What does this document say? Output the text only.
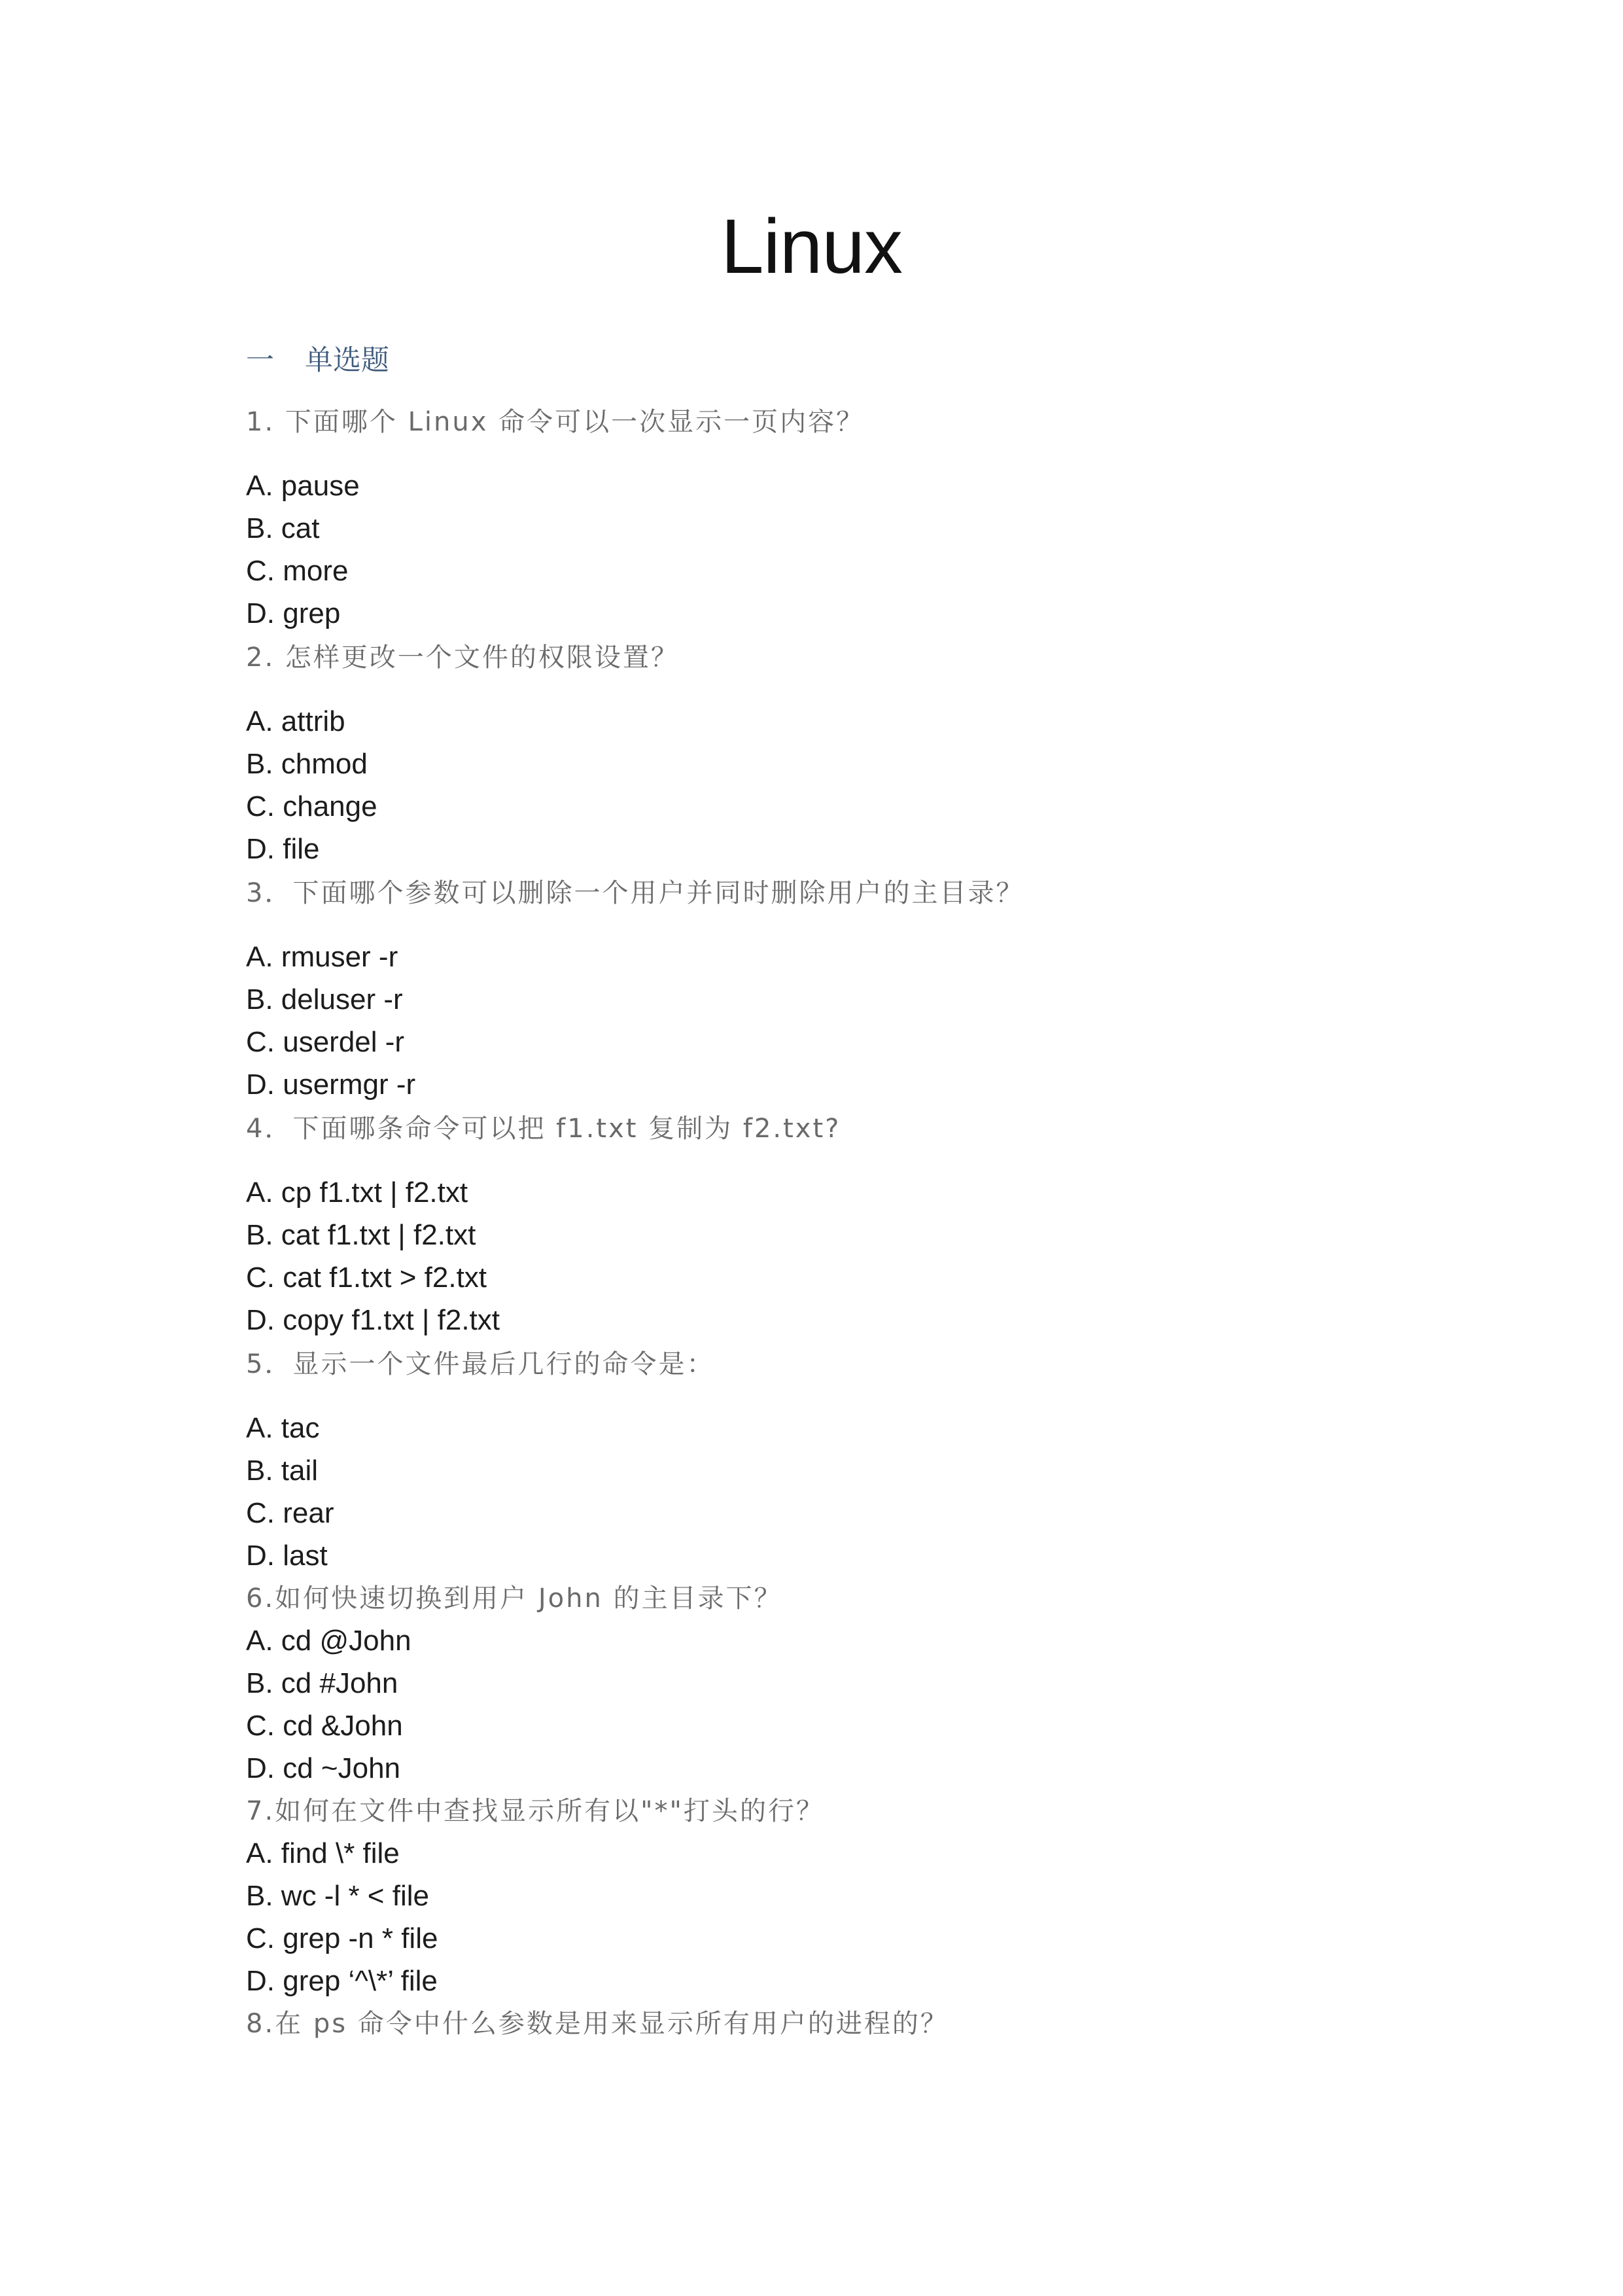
Linux
一 单选题
1. 下面哪个 Linux 命令可以一次显示一页内容？
A. pause
B. cat
C. more
D. grep
2. 怎样更改一个文件的权限设置？
A. attrib
B. chmod
C. change
D. file
3．下面哪个参数可以删除一个用户并同时删除用户的主目录？
A. rmuser -r
B. deluser -r
C. userdel -r
D. usermgr -r
4．下面哪条命令可以把 f1.txt 复制为 f2.txt?
A. cp f1.txt | f2.txt
B. cat f1.txt | f2.txt
C. cat f1.txt > f2.txt
D. copy f1.txt | f2.txt
5．显示一个文件最后几行的命令是：
A. tac
B. tail
C. rear
D. last
6.如何快速切换到用户 John 的主目录下？
A. cd @John
B. cd #John
C. cd &John
D. cd ~John
7.如何在文件中查找显示所有以"*"打头的行？
A. find \* file
B. wc -l * < file
C. grep -n * file
D. grep ‘^\*’ file
8.在 ps 命令中什么参数是用来显示所有用户的进程的？
